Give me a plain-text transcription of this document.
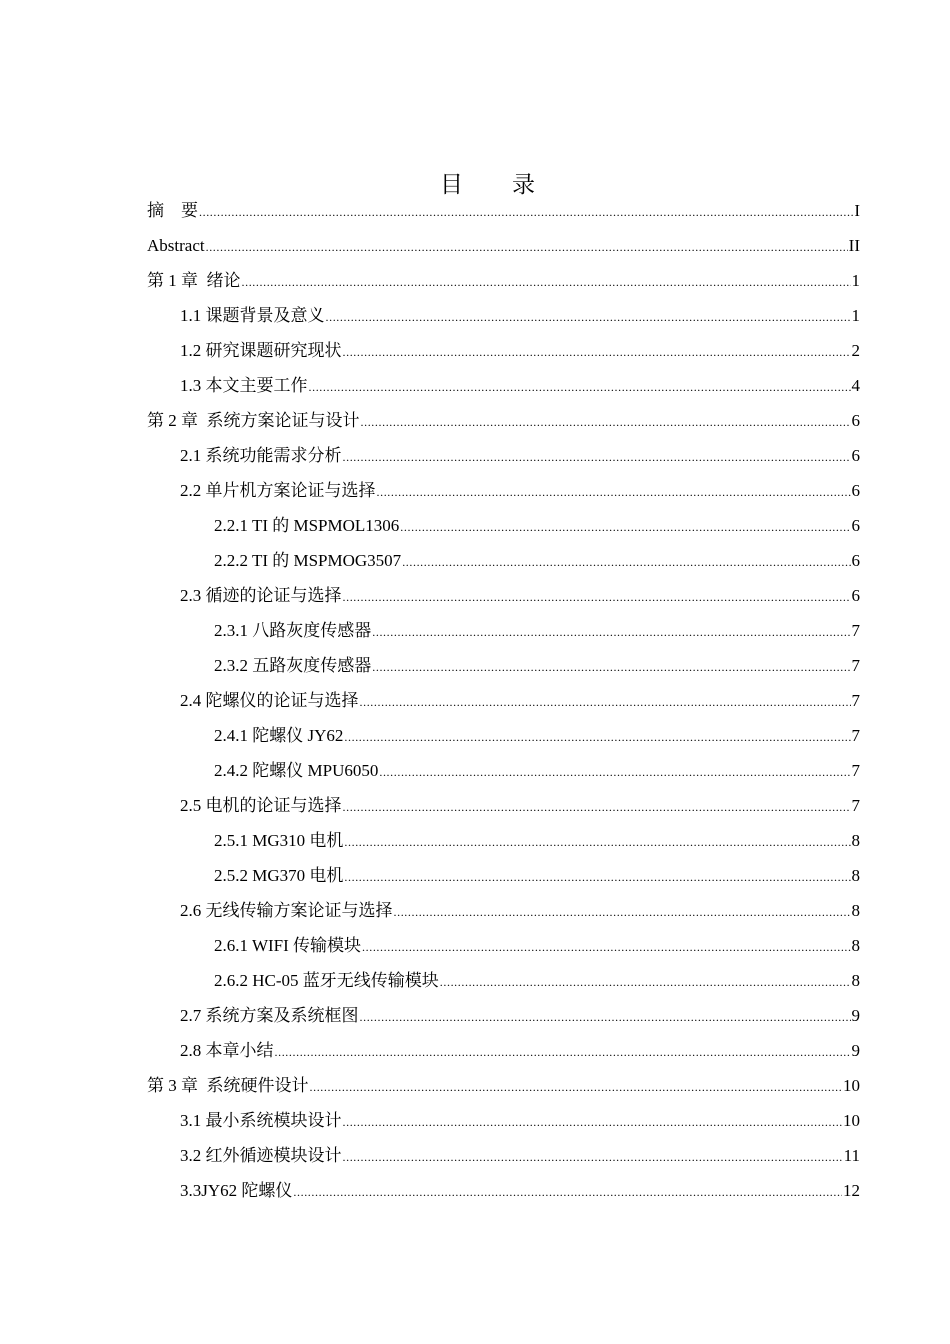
目　　录
摘　要 .....	I
Abstract .....	II
第 1 章  绪论 .....	1
1.1 课题背景及意义 .....	1
1.2 研究课题研究现状 .....	2
1.3 本文主要工作 .....	4
第 2 章  系统方案论证与设计 .....	6
2.1 系统功能需求分析 .....	6
2.2 单片机方案论证与选择 .....	6
2.2.1 TI 的 MSPMOL1306 .....	6
2.2.2 TI 的 MSPMOG3507 .....	6
2.3 循迹的论证与选择 .....	6
2.3.1 八路灰度传感器 .....	7
2.3.2 五路灰度传感器 .....	7
2.4 陀螺仪的论证与选择 .....	7
2.4.1 陀螺仪 JY62 .....	7
2.4.2 陀螺仪 MPU6050 .....	7
2.5 电机的论证与选择 .....	7
2.5.1 MG310 电机 .....	8
2.5.2 MG370 电机 .....	8
2.6 无线传输方案论证与选择 .....	8
2.6.1 WIFI 传输模块 .....	8
2.6.2 HC-05 蓝牙无线传输模块 .....	8
2.7 系统方案及系统框图 .....	9
2.8 本章小结 .....	9
第 3 章  系统硬件设计 .....	10
3.1 最小系统模块设计 .....	10
3.2 红外循迹模块设计 .....	11
3.3JY62 陀螺仪 .....	12
